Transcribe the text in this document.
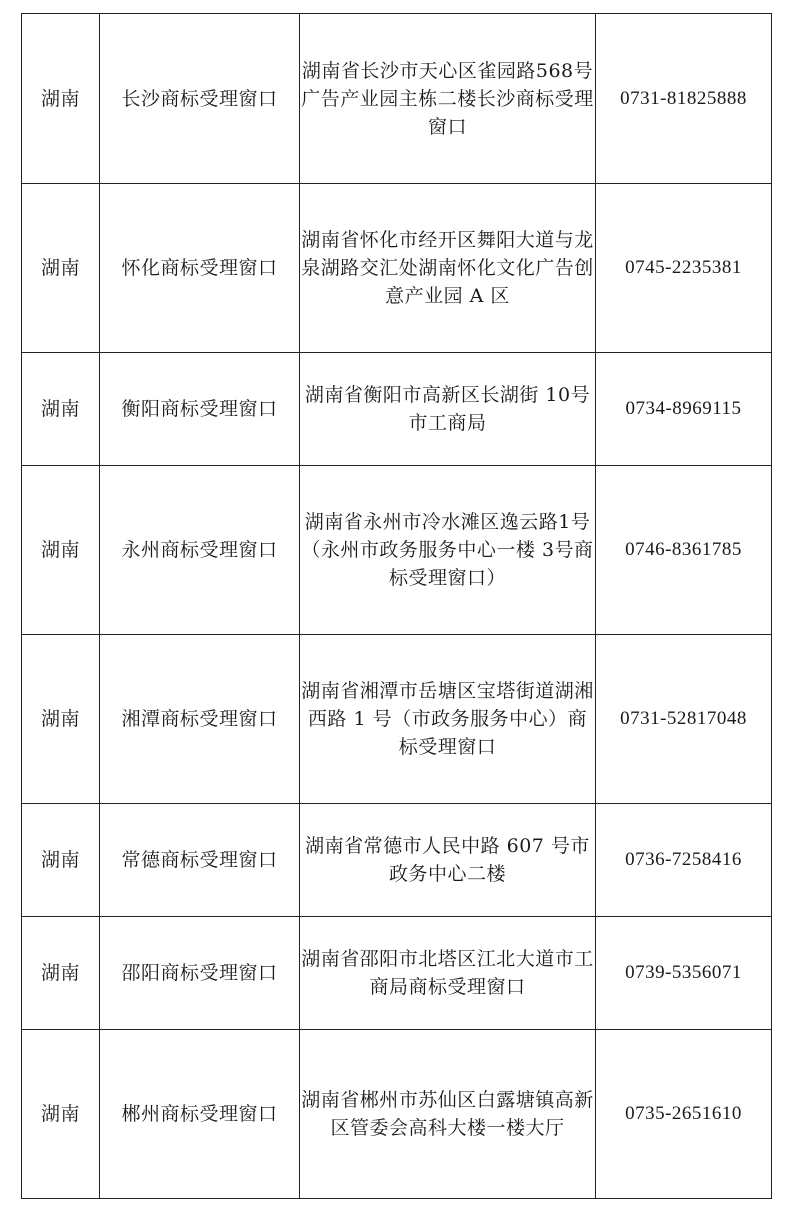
湖南	长沙商标受理窗口	湖南省长沙市天心区雀园路568号广告产业园主栋二楼长沙商标受理窗口	0731-81825888
湖南	怀化商标受理窗口	湖南省怀化市经开区舞阳大道与龙泉湖路交汇处湖南怀化文化广告创意产业园 A 区	0745-2235381
湖南	衡阳商标受理窗口	湖南省衡阳市高新区长湖街 10号市工商局	0734-8969115
湖南	永州商标受理窗口	湖南省永州市冷水滩区逸云路1号（永州市政务服务中心一楼 3号商标受理窗口）	0746-8361785
湖南	湘潭商标受理窗口	湖南省湘潭市岳塘区宝塔街道湖湘西路 1 号（市政务服务中心）商标受理窗口	0731-52817048
湖南	常德商标受理窗口	湖南省常德市人民中路 607 号市政务中心二楼	0736-7258416
湖南	邵阳商标受理窗口	湖南省邵阳市北塔区江北大道市工商局商标受理窗口	0739-5356071
湖南	郴州商标受理窗口	湖南省郴州市苏仙区白露塘镇高新区管委会高科大楼一楼大厅	0735-2651610
